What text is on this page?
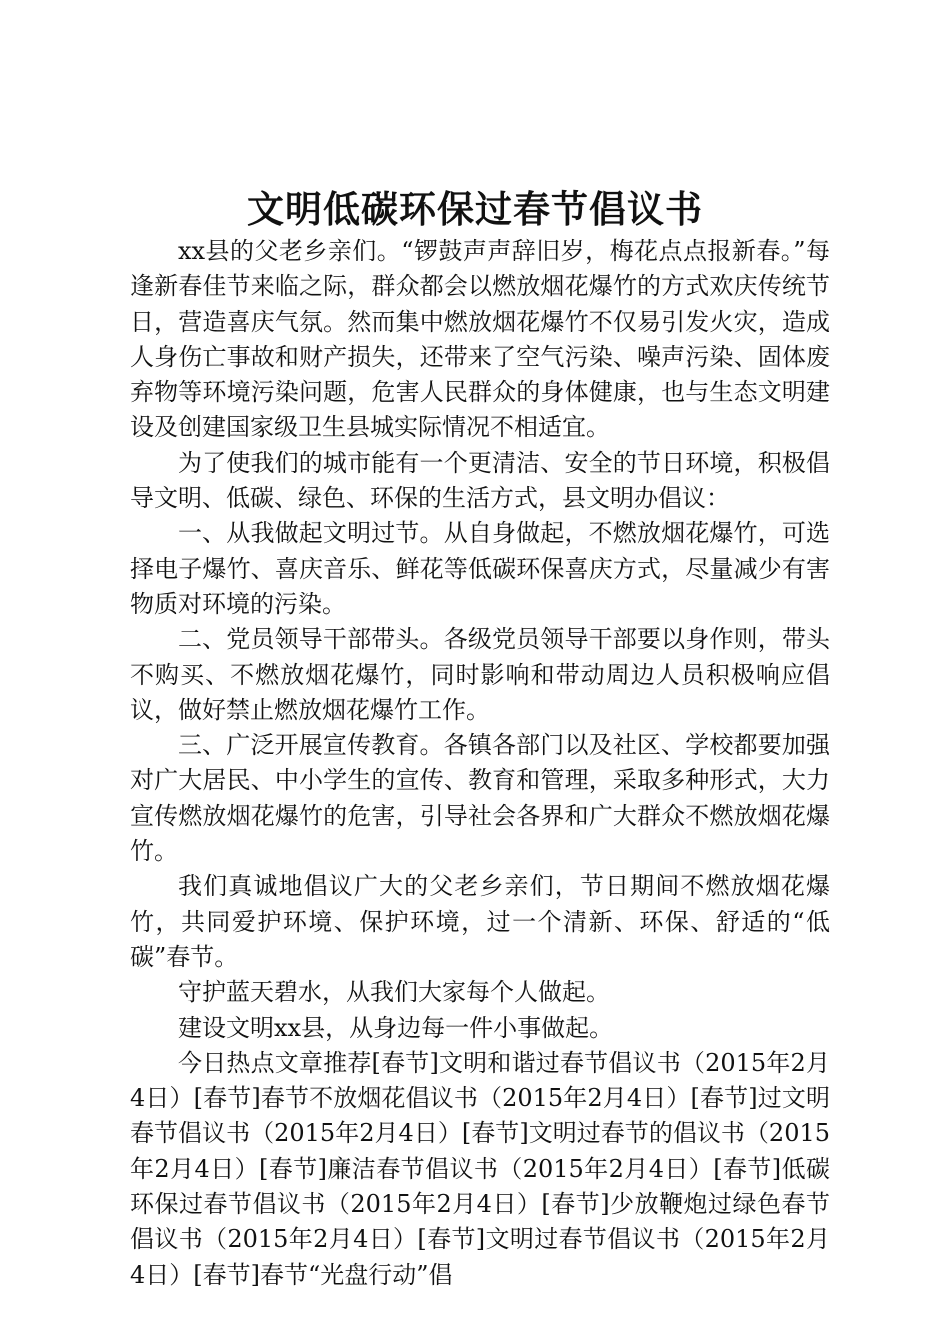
文明低碳环保过春节倡议书

xx县的父老乡亲们。“锣鼓声声辞旧岁，梅花点点报新春。”每逢新春佳节来临之际，群众都会以燃放烟花爆竹的方式欢庆传统节日，营造喜庆气氛。然而集中燃放烟花爆竹不仅易引发火灾，造成人身伤亡事故和财产损失，还带来了空气污染、噪声污染、固体废弃物等环境污染问题，危害人民群众的身体健康，也与生态文明建设及创建国家级卫生县城实际情况不相适宜。

为了使我们的城市能有一个更清洁、安全的节日环境，积极倡导文明、低碳、绿色、环保的生活方式，县文明办倡议：

一、从我做起文明过节。从自身做起，不燃放烟花爆竹，可选择电子爆竹、喜庆音乐、鲜花等低碳环保喜庆方式，尽量减少有害物质对环境的污染。

二、党员领导干部带头。各级党员领导干部要以身作则，带头不购买、不燃放烟花爆竹，同时影响和带动周边人员积极响应倡议，做好禁止燃放烟花爆竹工作。

三、广泛开展宣传教育。各镇各部门以及社区、学校都要加强对广大居民、中小学生的宣传、教育和管理，采取多种形式，大力宣传燃放烟花爆竹的危害，引导社会各界和广大群众不燃放烟花爆竹。

我们真诚地倡议广大的父老乡亲们，节日期间不燃放烟花爆竹，共同爱护环境、保护环境，过一个清新、环保、舒适的“低碳”春节。

守护蓝天碧水，从我们大家每个人做起。

建设文明xx县，从身边每一件小事做起。

今日热点文章推荐[春节]文明和谐过春节倡议书（2015年2月4日）[春节]春节不放烟花倡议书（2015年2月4日）[春节]过文明春节倡议书（2015年2月4日）[春节]文明过春节的倡议书（2015年2月4日）[春节]廉洁春节倡议书（2015年2月4日）[春节]低碳环保过春节倡议书（2015年2月4日）[春节]少放鞭炮过绿色春节倡议书（2015年2月4日）[春节]文明过春节倡议书（2015年2月4日）[春节]春节“光盘行动”倡
